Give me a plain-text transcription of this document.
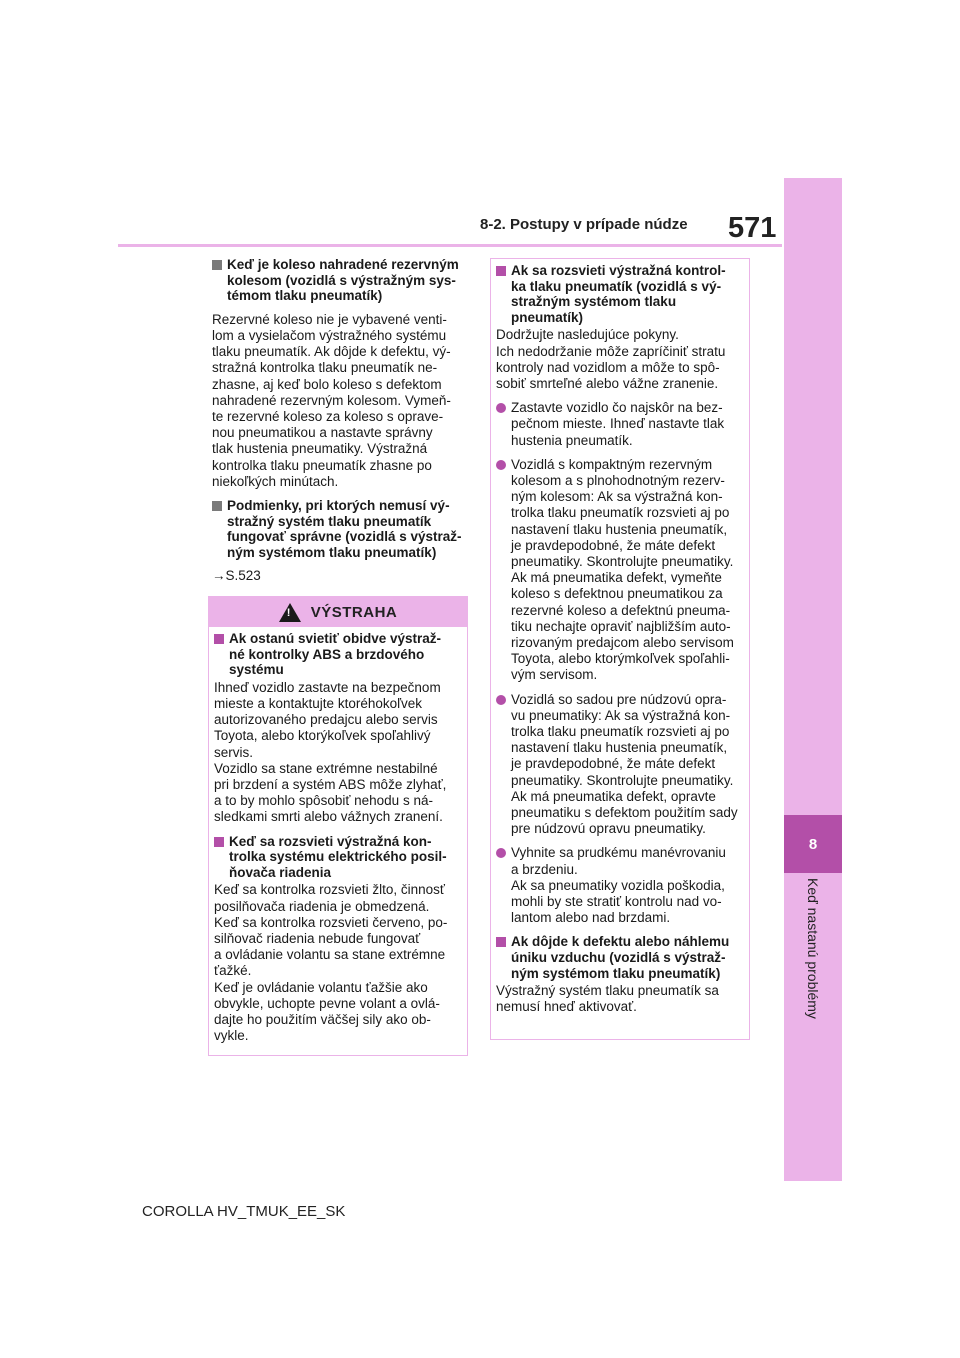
8-2. Postupy v prípade núdze 571
8
Keď nastanú problémy
Keď je koleso nahradené rezervným
kolesom (vozidlá s výstražným sys-
témom tlaku pneumatík)
Rezervné koleso nie je vybavené venti-
lom a vysielačom výstražného systému
tlaku pneumatík. Ak dôjde k defektu, vý-
stražná kontrolka tlaku pneumatík ne-
zhasne, aj keď bolo koleso s defektom
nahradené rezervným kolesom. Vymeň-
te rezervné koleso za koleso s oprave-
nou pneumatikou a nastavte správny
tlak hustenia pneumatiky. Výstražná
kontrolka tlaku pneumatík zhasne po
niekoľkých minútach.
Podmienky, pri ktorých nemusí vý-
stražný systém tlaku pneumatík
fungovať správne (vozidlá s výstraž-
ným systémom tlaku pneumatík)
→S.523
! VÝSTRAHA
Ak ostanú svietiť obidve výstraž-
né kontrolky ABS a brzdového
systému
Ihneď vozidlo zastavte na bezpečnom
mieste a kontaktujte ktoréhokoľvek
autorizovaného predajcu alebo servis
Toyota, alebo ktorýkoľvek spoľahlivý
servis.
Vozidlo sa stane extrémne nestabilné
pri brzdení a systém ABS môže zlyhať,
a to by mohlo spôsobiť nehodu s ná-
sledkami smrti alebo vážnych zranení.
Keď sa rozsvieti výstražná kon-
trolka systému elektrického posil-
ňovača riadenia
Keď sa kontrolka rozsvieti žlto, činnosť
posilňovača riadenia je obmedzená.
Keď sa kontrolka rozsvieti červeno, po-
silňovač riadenia nebude fungovať
a ovládanie volantu sa stane extrémne
ťažké.
Keď je ovládanie volantu ťažšie ako
obvykle, uchopte pevne volant a ovlá-
dajte ho použitím väčšej sily ako ob-
vykle.
Ak sa rozsvieti výstražná kontrol-
ka tlaku pneumatík (vozidlá s vý-
stražným systémom tlaku
pneumatík)
Dodržujte nasledujúce pokyny.
Ich nedodržanie môže zapríčiniť stratu
kontroly nad vozidlom a môže to spô-
sobiť smrteľné alebo vážne zranenie.
Zastavte vozidlo čo najskôr na bez-
pečnom mieste. Ihneď nastavte tlak
hustenia pneumatík.
Vozidlá s kompaktným rezervným
kolesom a s plnohodnotným rezerv-
ným kolesom: Ak sa výstražná kon-
trolka tlaku pneumatík rozsvieti aj po
nastavení tlaku hustenia pneumatík,
je pravdepodobné, že máte defekt
pneumatiky. Skontrolujte pneumatiky.
Ak má pneumatika defekt, vymeňte
koleso s defektnou pneumatikou za
rezervné koleso a defektnú pneuma-
tiku nechajte opraviť najbližším auto-
rizovaným predajcom alebo servisom
Toyota, alebo ktorýmkoľvek spoľahli-
vým servisom.
Vozidlá so sadou pre núdzovú opra-
vu pneumatiky: Ak sa výstražná kon-
trolka tlaku pneumatík rozsvieti aj po
nastavení tlaku hustenia pneumatík,
je pravdepodobné, že máte defekt
pneumatiky. Skontrolujte pneumatiky.
Ak má pneumatika defekt, opravte
pneumatiku s defektom použitím sady
pre núdzovú opravu pneumatiky.
Vyhnite sa prudkému manévrovaniu
a brzdeniu.
Ak sa pneumatiky vozidla poškodia,
mohli by ste stratiť kontrolu nad vo-
lantom alebo nad brzdami.
Ak dôjde k defektu alebo náhlemu
úniku vzduchu (vozidlá s výstraž-
ným systémom tlaku pneumatík)
Výstražný systém tlaku pneumatík sa
nemusí hneď aktivovať.
COROLLA HV_TMUK_EE_SK
